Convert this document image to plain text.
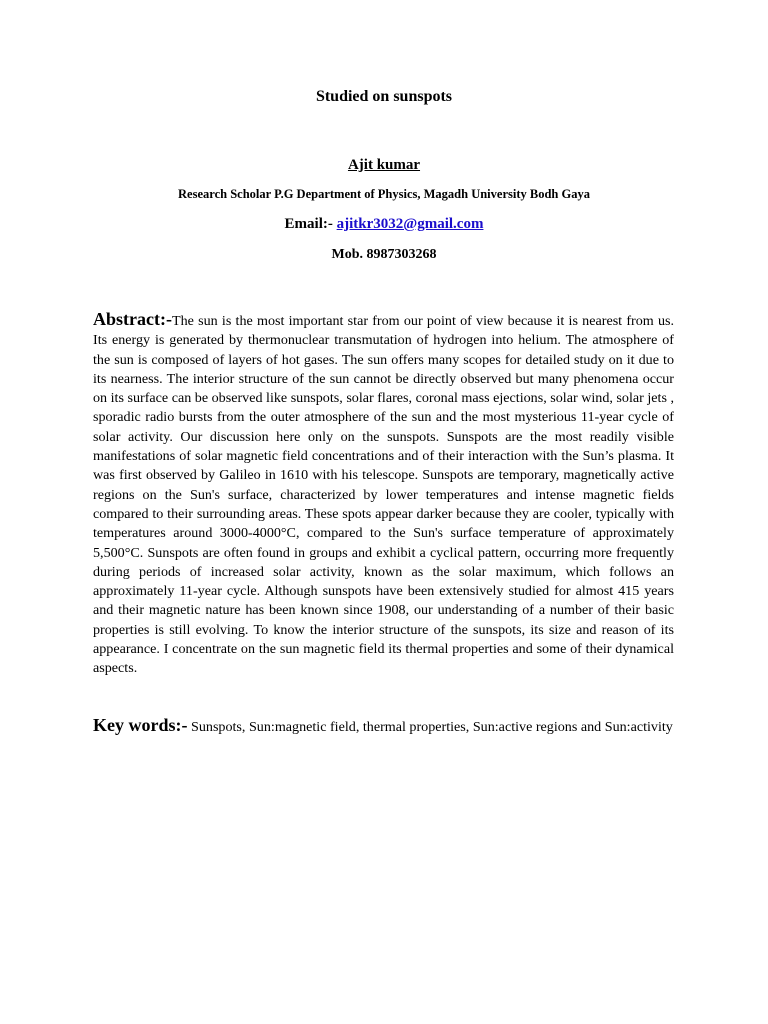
Studied on sunspots
Ajit kumar
Research Scholar P.G Department of Physics, Magadh University Bodh Gaya
Email:- ajitkr3032@gmail.com
Mob. 8987303268
Abstract:-The sun is the most important star from our point of view because it is nearest from us. Its energy is generated by thermonuclear transmutation of hydrogen into helium. The atmosphere of the sun is composed of layers of hot gases. The sun offers many scopes for detailed study on it due to its nearness. The interior structure of the sun cannot be directly observed but many phenomena occur on its surface can be observed like sunspots, solar flares, coronal mass ejections, solar wind, solar jets , sporadic radio bursts from the outer atmosphere of the sun and the most mysterious 11-year cycle of solar activity. Our discussion here only on the sunspots. Sunspots are the most readily visible manifestations of solar magnetic field concentrations and of their interaction with the Sun’s plasma. It was first observed by Galileo in 1610 with his telescope. Sunspots are temporary, magnetically active regions on the Sun's surface, characterized by lower temperatures and intense magnetic fields compared to their surrounding areas. These spots appear darker because they are cooler, typically with temperatures around 3000-4000°C, compared to the Sun's surface temperature of approximately 5,500°C. Sunspots are often found in groups and exhibit a cyclical pattern, occurring more frequently during periods of increased solar activity, known as the solar maximum, which follows an approximately 11-year cycle. Although sunspots have been extensively studied for almost 415 years and their magnetic nature has been known since 1908, our understanding of a number of their basic properties is still evolving. To know the interior structure of the sunspots, its size and reason of its appearance. I concentrate on the sun magnetic field its thermal properties and some of their dynamical aspects.
Key words:- Sunspots, Sun:magnetic field, thermal properties, Sun:active regions and Sun:activity
